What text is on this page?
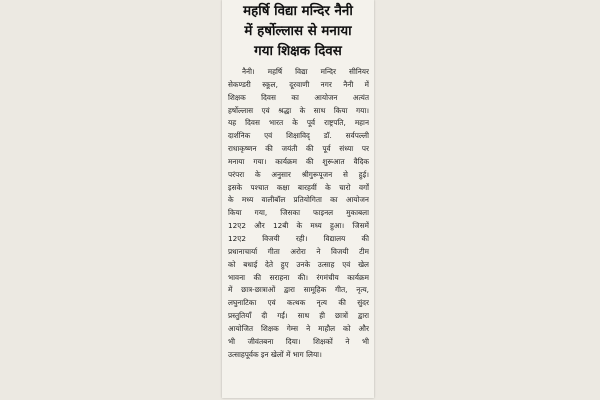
महर्षि विद्या मन्दिर नैनी
में हर्षोल्लास से मनाया
गया शिक्षक दिवस
नैनी। महर्षि विद्या मन्दिर सीनियर
सेकण्डरी स्कूल, दूरवाणी नगर नैनी में
शिक्षक दिवस का आयोजन अत्यंत
हर्षोल्लास एवं श्रद्धा के साथ किया गया।
यह दिवस भारत के पूर्व राष्ट्रपति, महान
दार्शनिक एवं शिक्षाविद् डॉ. सर्वपल्ली
राधाकृष्णन की जयंती की पूर्व संध्या पर
मनाया गया। कार्यक्रम की शुरूआत वैदिक
परंपरा के अनुसार श्रीगुरूपूजन से हुई।
इसके पश्चात कक्षा बारहवीं के चारो वर्गों
के मध्य वालीबॉल प्रतियोगिता का आयोजन
किया गया, जिसका फाइनल मुकाबला
12ए2 और 12बी के मध्य हुआ। जिसमें
12ए2 विजयी रही। विद्यालय की
प्रधानाचार्या गीता अरोरा ने विजयी टीम
को बधाई देते हुए उनके उत्साह एवं खेल
भावना की सराहना की। रंगमंचीय कार्यक्रम
में छात्र-छात्राओं द्वारा सामूहिक गीत, नृत्य,
लघुनाटिका एवं कत्थक नृत्य की सुंदर
प्रस्तुतियाँ दी गईं। साथ ही छात्रों द्वारा
आयोजित शिक्षक गेम्स ने माहौल को और
भी जीवंतबना दिया। शिक्षकों ने भी
उत्साहपूर्वक इन खेलों में भाग लिया।
